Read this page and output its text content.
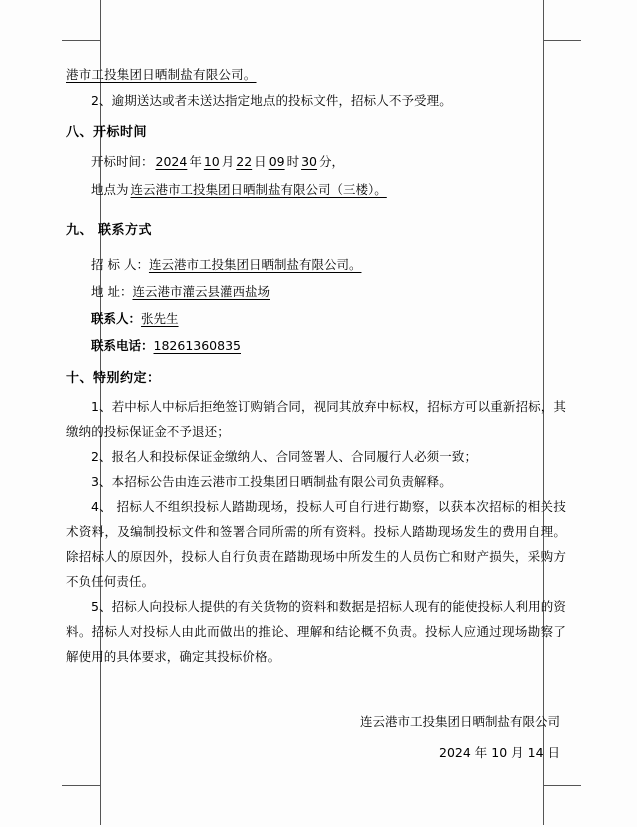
港市工投集团日晒制盐有限公司。
2、逾期送达或者未送达指定地点的投标文件，招标人不予受理。
八、开标时间
开标时间： 2024 年 10 月 22 日 09 时 30 分，
地点为 连云港市工投集团日晒制盐有限公司（三楼）。
九、 联系方式
招 标 人：连云港市工投集团日晒制盐有限公司。
地 址：连云港市灌云县灌西盐场
联系人：张先生
联系电话：18261360835
十、特别约定：

1、若中标人中标后拒绝签订购销合同，视同其放弃中标权，招标方可以重新招标，其缴纳的投标保证金不予退还；

2、报名人和投标保证金缴纳人、合同签署人、合同履行人必须一致；

3、本招标公告由连云港市工投集团日晒制盐有限公司负责解释。

4、 招标人不组织投标人踏勘现场，投标人可自行进行勘察，以获本次招标的相关技术资料，及编制投标文件和签署合同所需的所有资料。投标人踏勘现场发生的费用自理。除招标人的原因外，投标人自行负责在踏勘现场中所发生的人员伤亡和财产损失，采购方不负任何责任。

5、招标人向投标人提供的有关货物的资料和数据是招标人现有的能使投标人利用的资料。招标人对投标人由此而做出的推论、理解和结论概不负责。投标人应通过现场勘察了解使用的具体要求，确定其投标价格。

连云港市工投集团日晒制盐有限公司
2024 年 10 月 14 日
